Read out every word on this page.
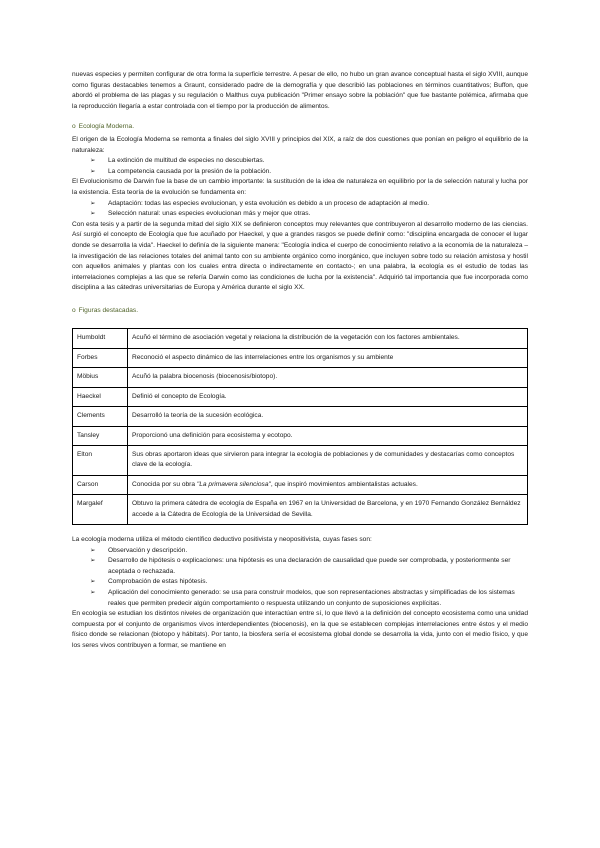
nuevas especies y permiten configurar de otra forma la superficie terrestre. A pesar de ello, no hubo un gran avance conceptual hasta el siglo XVIII, aunque como figuras destacables tenemos a Graunt, considerado padre de la demografía y que describió las poblaciones en términos cuantitativos; Buffon, que abordó el problema de las plagas y su regulación o Malthus cuya publicación "Primer ensayo sobre la población" que fue bastante polémica, afirmaba que la reproducción llegaría a estar controlada con el tiempo por la producción de alimentos.

o Ecología Moderna.

El origen de la Ecología Moderna se remonta a finales del siglo XVIII y principios del XIX, a raíz de dos cuestiones que ponían en peligro el equilibrio de la naturaleza:

➢ La extinción de multitud de especies no descubiertas.
➢ La competencia causada por la presión de la población.

El Evolucionismo de Darwin fue la base de un cambio importante: la sustitución de la idea de naturaleza en equilibrio por la de selección natural y lucha por la existencia. Esta teoría de la evolución se fundamenta en:

➢ Adaptación: todas las especies evolucionan, y esta evolución es debido a un proceso de adaptación al medio.
➢ Selección natural: unas especies evolucionan más y mejor que otras.

Con esta tesis y a partir de la segunda mitad del siglo XIX se definieron conceptos muy relevantes que contribuyeron al desarrollo moderno de las ciencias. Así surgió el concepto de Ecología que fue acuñado por Haeckel, y que a grandes rasgos se puede definir como: "disciplina encargada de conocer el lugar donde se desarrolla la vida". Haeckel lo definía de la siguiente manera: "Ecología indica el cuerpo de conocimiento relativo a la economía de la naturaleza – la investigación de las relaciones totales del animal tanto con su ambiente orgánico como inorgánico, que incluyen sobre todo su relación amistosa y hostil con aquellos animales y plantas con los cuales entra directa o indirectamente en contacto-; en una palabra, la ecología es el estudio de todas las interrelaciones complejas a las que se refería Darwin como las condiciones de lucha por la existencia". Adquirió tal importancia que fue incorporada como disciplina a las cátedras universitarias de Europa y América durante el siglo XX.

o Figuras destacadas.
Humboldt	Acuñó el término de asociación vegetal y relaciona la distribución de la vegetación con los factores ambientales.
Forbes	Reconoció el aspecto dinámico de las interrelaciones entre los organismos y su ambiente
Möbius	Acuñó la palabra biocenosis (biocenosis/biotopo).
Haeckel	Definió el concepto de Ecología.
Clements	Desarrolló la teoría de la sucesión ecológica.
Tansley	Proporcionó una definición para ecosistema y ecotopo.
Elton	Sus obras aportaron ideas que sirvieron para integrar la ecología de poblaciones y de comunidades y destacarías como conceptos clave de la ecología.
Carson	Conocida por su obra "La primavera silenciosa", que inspiró movimientos ambientalistas actuales.
Margalef	Obtuvo la primera cátedra de ecología de España en 1967 en la Universidad de Barcelona, y en 1970 Fernando González Bernáldez accede a la Cátedra de Ecología de la Universidad de Sevilla.

La ecología moderna utiliza el método científico deductivo positivista y neopositivista, cuyas fases son:

➢ Observación y descripción.
➢ Desarrollo de hipótesis o explicaciones: una hipótesis es una declaración de causalidad que puede ser comprobada, y posteriormente ser aceptada o rechazada.
➢ Comprobación de estas hipótesis.
➢ Aplicación del conocimiento generado: se usa para construir modelos, que son representaciones abstractas y simplificadas de los sistemas reales que permiten predecir algún comportamiento o respuesta utilizando un conjunto de suposiciones explícitas.

En ecología se estudian los distintos niveles de organización que interactúan entre sí, lo que llevó a la definición del concepto ecosistema como una unidad compuesta por el conjunto de organismos vivos interdependientes (biocenosis), en la que se establecen complejas interrelaciones entre éstos y el medio físico donde se relacionan (biotopo y hábitats). Por tanto, la biosfera sería el ecosistema global donde se desarrolla la vida, junto con el medio físico, y que los seres vivos contribuyen a formar, se mantiene en
